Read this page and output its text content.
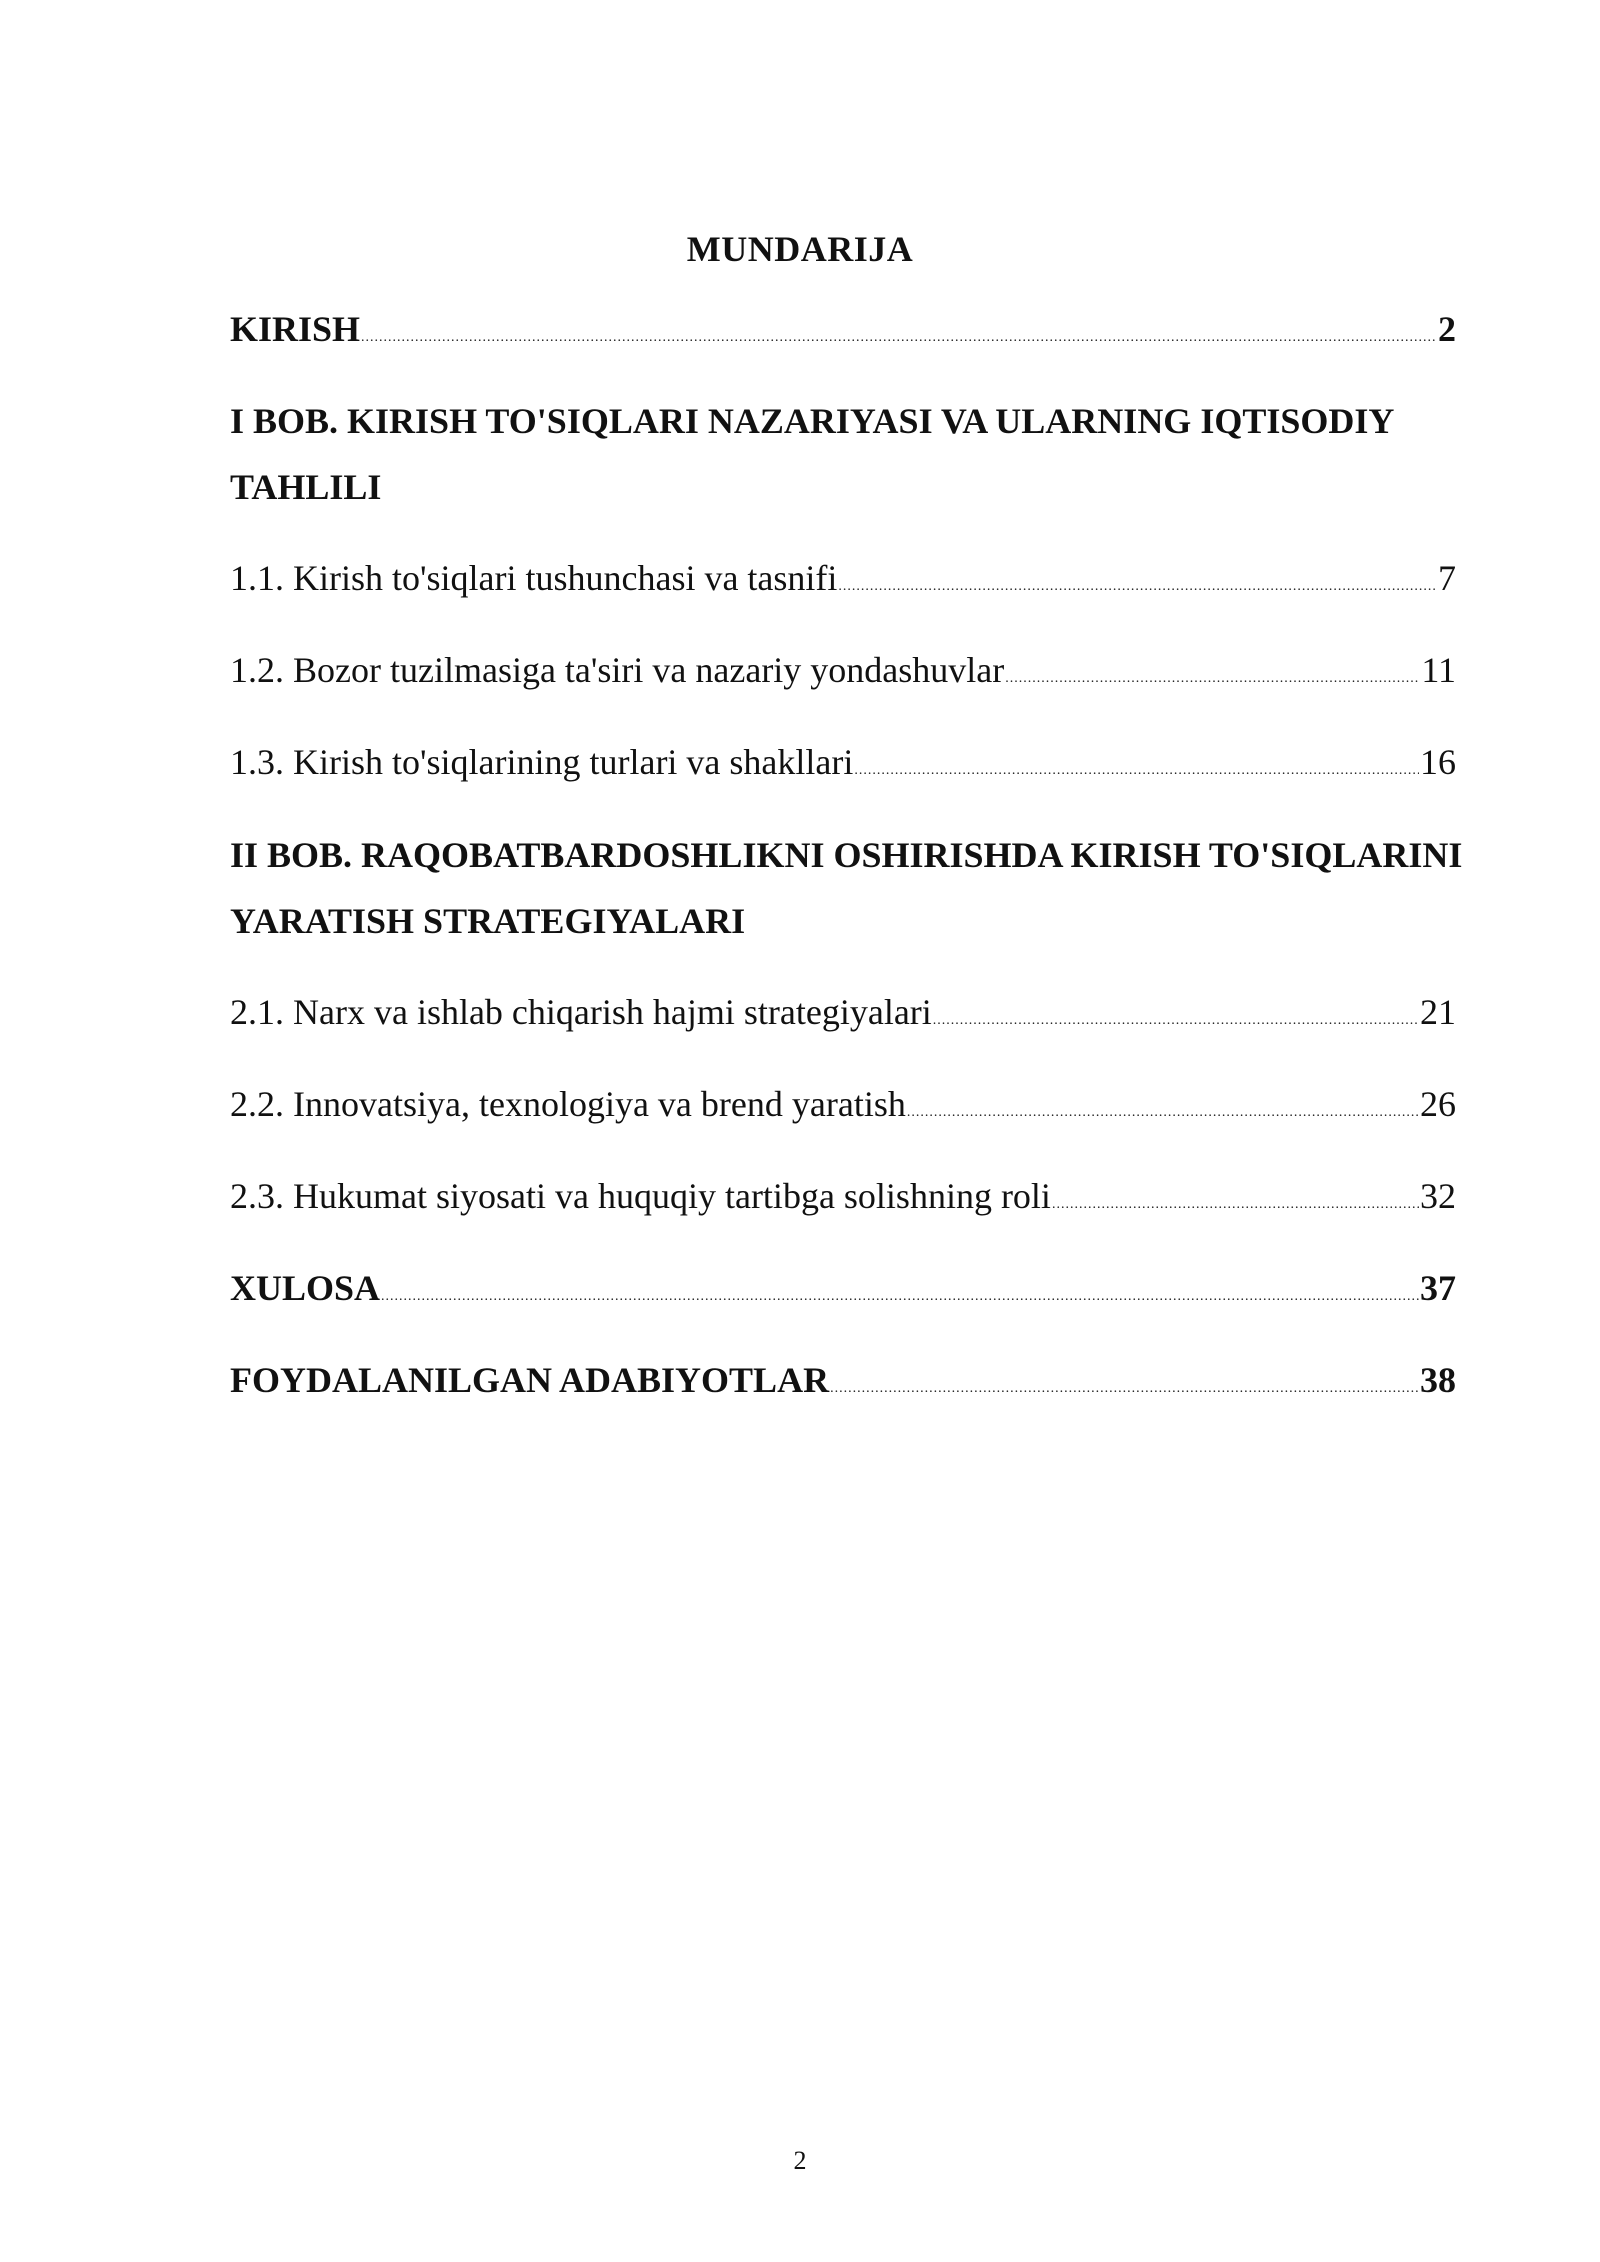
MUNDARIJA
KIRISH .....	2
I BOB. KIRISH TO'SIQLARI NAZARIYASI VA ULARNING IQTISODIY TAHLILI
1.1. Kirish to'siqlari tushunchasi va tasnifi .....	7
1.2. Bozor tuzilmasiga ta'siri va nazariy yondashuvlar .....	11
1.3. Kirish to'siqlarining turlari va shakllari .....	16
II BOB. RAQOBATBARDOSHLIKNI OSHIRISHDA KIRISH TO'SIQLARINI YARATISH STRATEGIYALARI
2.1. Narx va ishlab chiqarish hajmi strategiyalari .....	21
2.2. Innovatsiya, texnologiya va brend yaratish .....	26
2.3. Hukumat siyosati va huquqiy tartibga solishning roli .....	32
XULOSA .....	37
FOYDALANILGAN ADABIYOTLAR .....	38
2
